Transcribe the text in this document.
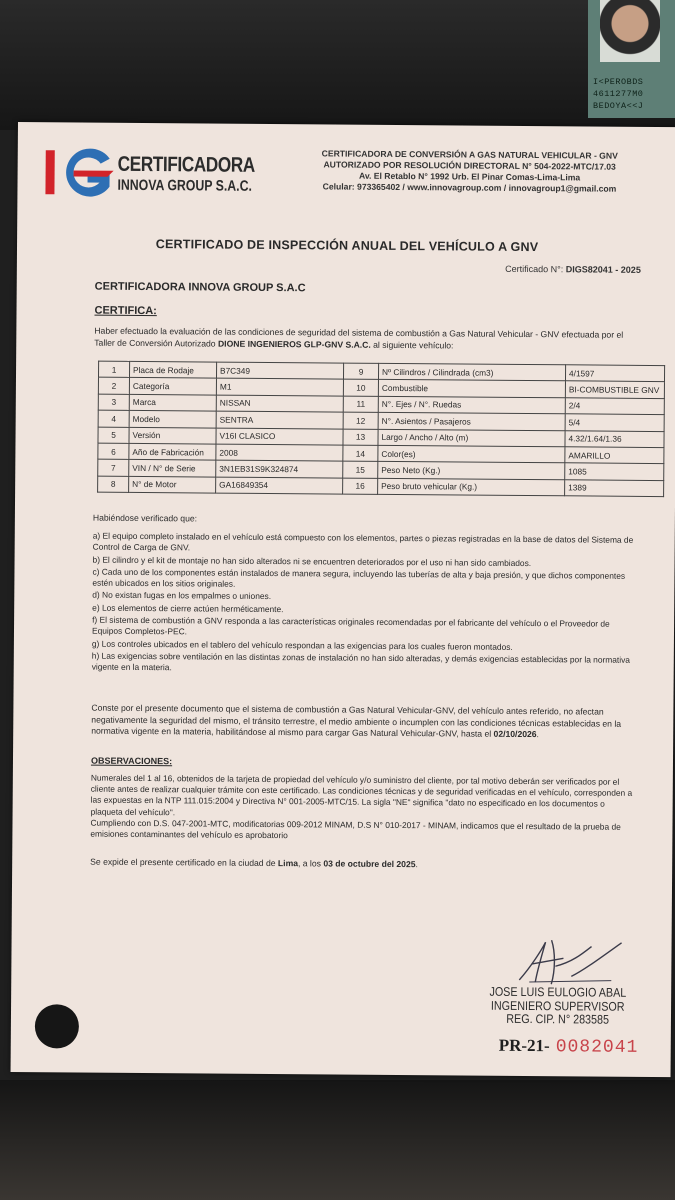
I<PEROBDS
4611277M0
BEDOYA<<J
CERTIFICADORA
INNOVA GROUP S.A.C.
CERTIFICADORA DE CONVERSIÓN A GAS NATURAL VEHICULAR - GNV
AUTORIZADO POR RESOLUCIÓN DIRECTORAL N° 504-2022-MTC/17.03
Av. El Retablo N° 1992 Urb. El Pinar Comas-Lima-Lima
Celular: 973365402 / www.innovagroup.com / innovagroup1@gmail.com
CERTIFICADO DE INSPECCIÓN ANUAL DEL VEHÍCULO A GNV
Certificado N°: DIGS82041 - 2025
CERTIFICADORA INNOVA GROUP S.A.C
CERTIFICA:
Haber efectuado la evaluación de las condiciones de seguridad del sistema de combustión a Gas Natural Vehicular - GNV efectuada por el Taller de Conversión Autorizado DIONE INGENIEROS GLP-GNV S.A.C. al siguiente vehículo:
1	Placa de Rodaje	B7C349	9	Nº Cilindros / Cilindrada (cm3)	4/1597
2	Categoría	M1	10	Combustible	BI-COMBUSTIBLE GNV
3	Marca	NISSAN	11	N°. Ejes / N°. Ruedas	2/4
4	Modelo	SENTRA	12	N°. Asientos / Pasajeros	5/4
5	Versión	V16I CLASICO	13	Largo / Ancho / Alto (m)	4.32/1.64/1.36
6	Año de Fabricación	2008	14	Color(es)	AMARILLO
7	VIN / N° de Serie	3N1EB31S9K324874	15	Peso Neto (Kg.)	1085
8	N° de Motor	GA16849354	16	Peso bruto vehicular (Kg.)	1389
Habiéndose verificado que:
a) El equipo completo instalado en el vehículo está compuesto con los elementos, partes o piezas registradas en la base de datos del Sistema de Control de Carga de GNV.
b) El cilindro y el kit de montaje no han sido alterados ni se encuentren deteriorados por el uso ni han sido cambiados.
c) Cada uno de los componentes están instalados de manera segura, incluyendo las tuberías de alta y baja presión, y que dichos componentes estén ubicados en los sitios originales.
d) No existan fugas en los empalmes o uniones.
e) Los elementos de cierre actúen herméticamente.
f) El sistema de combustión a GNV responda a las características originales recomendadas por el fabricante del vehículo o el Proveedor de Equipos Completos-PEC.
g) Los controles ubicados en el tablero del vehículo respondan a las exigencias para los cuales fueron montados.
h) Las exigencias sobre ventilación en las distintas zonas de instalación no han sido alteradas, y demás exigencias establecidas por la normativa vigente en la materia.
Conste por el presente documento que el sistema de combustión a Gas Natural Vehicular-GNV, del vehículo antes referido, no afectan negativamente la seguridad del mismo, el tránsito terrestre, el medio ambiente o incumplen con las condiciones técnicas establecidas en la normativa vigente en la materia, habilitándose al mismo para cargar Gas Natural Vehicular-GNV, hasta el 02/10/2026.
OBSERVACIONES:
Numerales del 1 al 16, obtenidos de la tarjeta de propiedad del vehículo y/o suministro del cliente, por tal motivo deberán ser verificados por el cliente antes de realizar cualquier trámite con este certificado. Las condiciones técnicas y de seguridad verificadas en el vehículo, corresponden a las expuestas en la NTP 111.015:2004 y Directiva N° 001-2005-MTC/15. La sigla "NE" significa "dato no especificado en los documentos o plaqueta del vehículo".
Cumpliendo con D.S. 047-2001-MTC, modificatorias 009-2012 MINAM, D.S N° 010-2017 - MINAM, indicamos que el resultado de la prueba de emisiones contaminantes del vehículo es aprobatorio
Se expide el presente certificado en la ciudad de Lima, a los 03 de octubre del 2025.
JOSE LUIS EULOGIO ABAL
INGENIERO SUPERVISOR
REG. CIP. N° 283585
PR-21- 0082041
